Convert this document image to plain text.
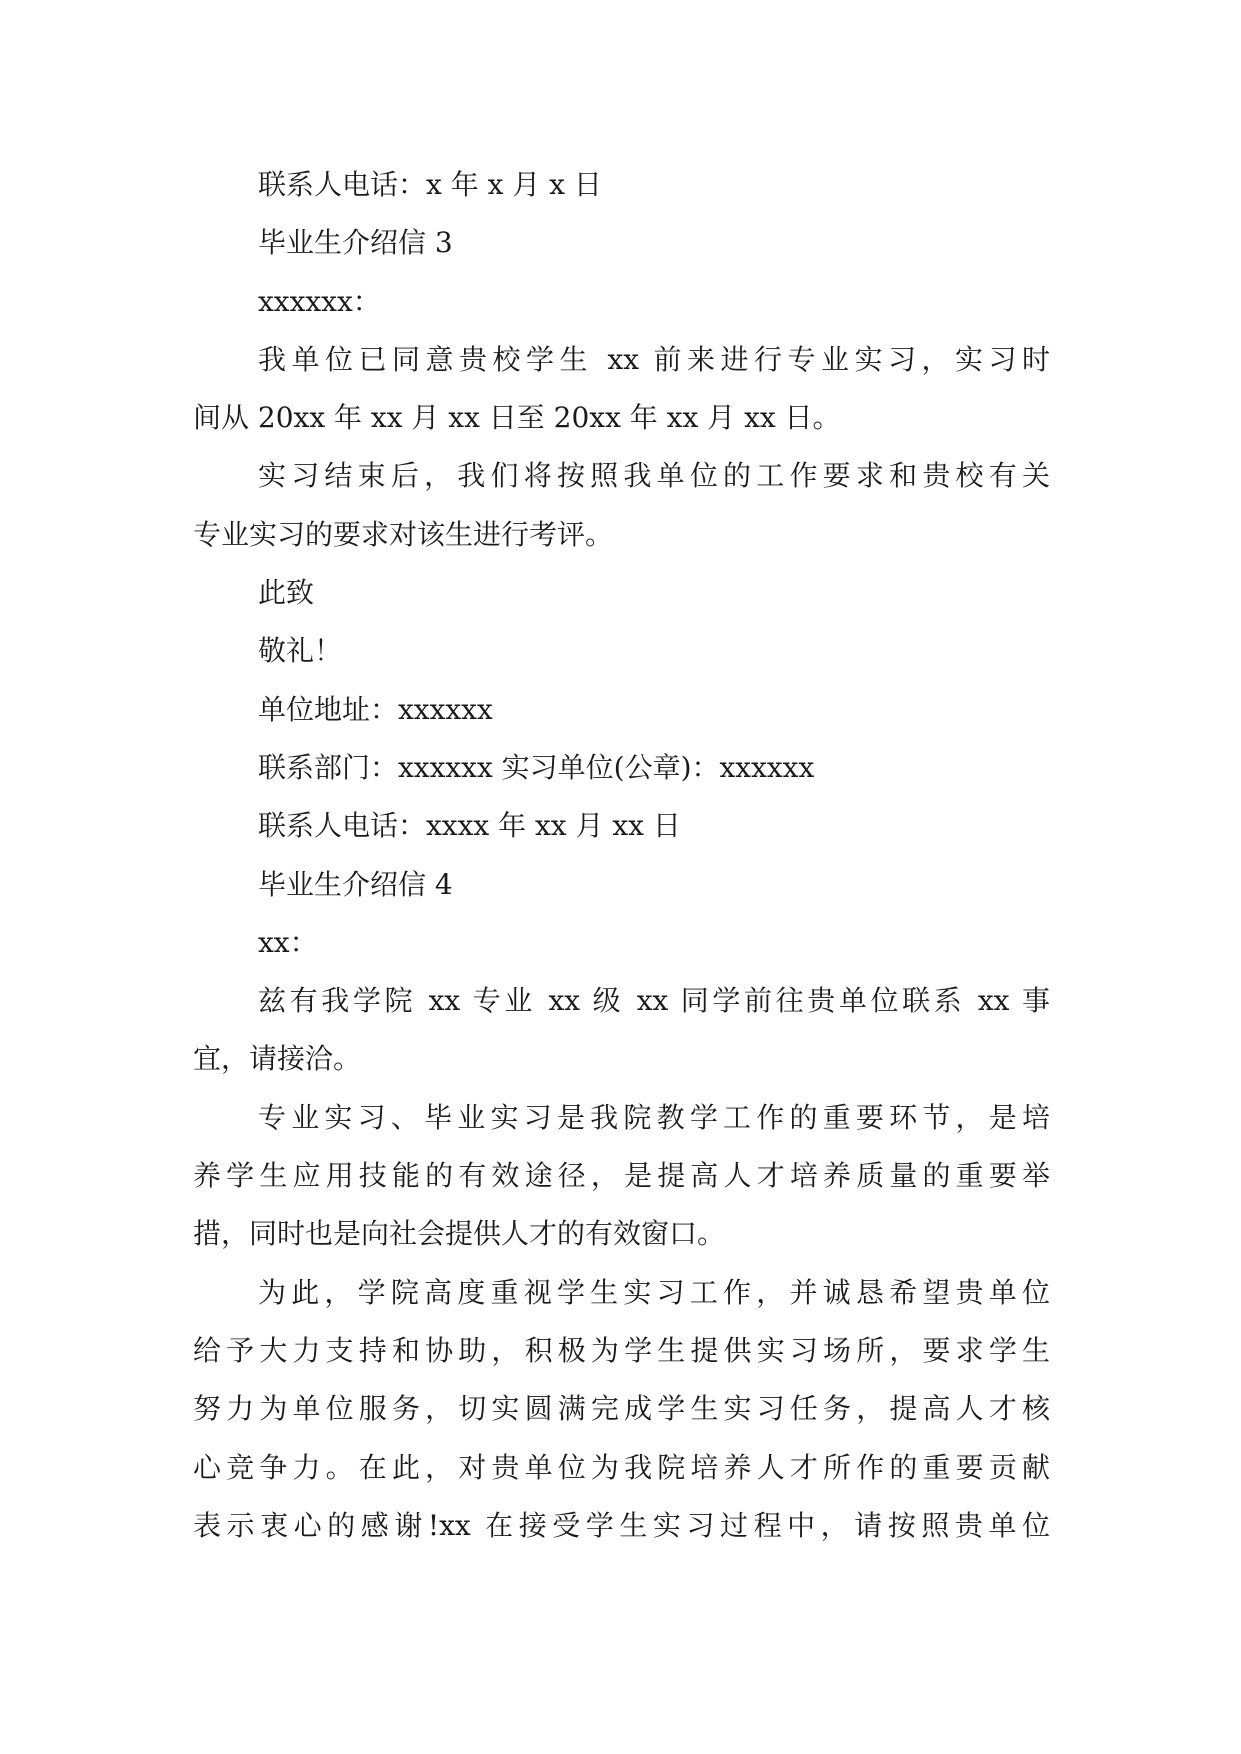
联系人电话：x 年 x 月 x 日
毕业生介绍信 3
xxxxxx：
我单位已同意贵校学生 xx 前来进行专业实习，实习时
间从 20xx 年 xx 月 xx 日至 20xx 年 xx 月 xx 日。
实习结束后，我们将按照我单位的工作要求和贵校有关
专业实习的要求对该生进行考评。
此致
敬礼！
单位地址：xxxxxx
联系部门：xxxxxx 实习单位(公章)：xxxxxx
联系人电话：xxxx 年 xx 月 xx 日
毕业生介绍信 4
xx：
兹有我学院 xx 专业 xx 级 xx 同学前往贵单位联系 xx 事
宜，请接洽。
专业实习、毕业实习是我院教学工作的重要环节，是培
养学生应用技能的有效途径，是提高人才培养质量的重要举
措，同时也是向社会提供人才的有效窗口。
为此，学院高度重视学生实习工作，并诚恳希望贵单位
给予大力支持和协助，积极为学生提供实习场所，要求学生
努力为单位服务，切实圆满完成学生实习任务，提高人才核
心竞争力。在此，对贵单位为我院培养人才所作的重要贡献
表示衷心的感谢!xx 在接受学生实习过程中，请按照贵单位
